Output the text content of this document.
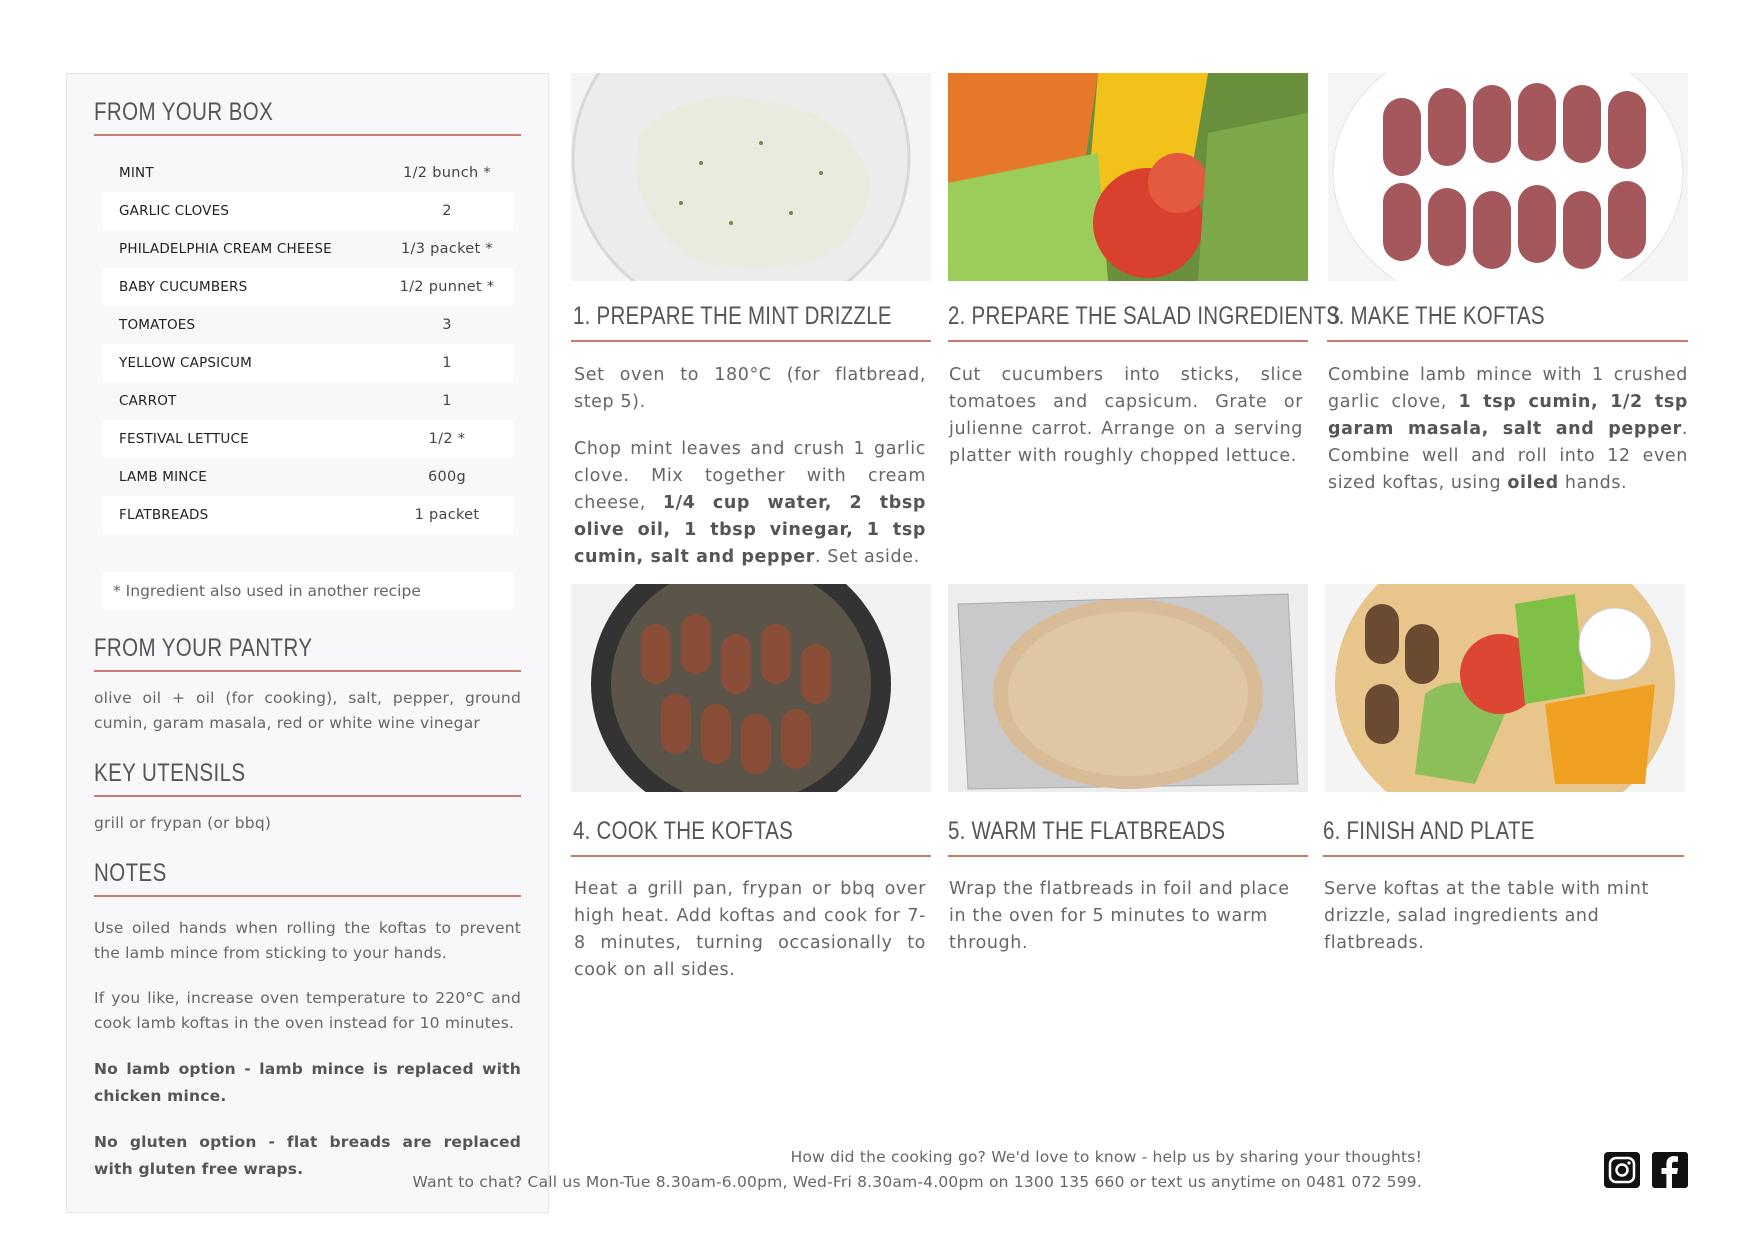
FROM YOUR BOX
MINT	1/2 bunch *
GARLIC CLOVES	2
PHILADELPHIA CREAM CHEESE	1/3 packet *
BABY CUCUMBERS	1/2 punnet *
TOMATOES	3
YELLOW CAPSICUM	1
CARROT	1
FESTIVAL LETTUCE	1/2 *
LAMB MINCE	600g
FLATBREADS	1 packet
* Ingredient also used in another recipe
FROM YOUR PANTRY
olive oil + oil (for cooking), salt, pepper, ground cumin, garam masala, red or white wine vinegar
KEY UTENSILS
grill or frypan (or bbq)
NOTES
Use oiled hands when rolling the koftas to prevent the lamb mince from sticking to your hands.
If you like, increase oven temperature to 220°C and cook lamb koftas in the oven instead for 10 minutes.
No lamb option - lamb mince is replaced with chicken mince.
No gluten option - flat breads are replaced with gluten free wraps.
1. PREPARE THE MINT DRIZZLE 2. PREPARE THE SALAD INGREDIENTS
3. MAKE THE KOFTAS
4. COOK THE KOFTAS	5. WARM THE FLATBREADS	6. FINISH AND PLATE

Set oven to 180°C (for flatbread, step 5).

Chop mint leaves and crush 1 garlic clove. Mix together with cream cheese, 1/4 cup water, 2 tbsp olive oil, 1 tbsp vinegar, 1 tsp cumin, salt and pepper. Set aside.

Cut cucumbers into sticks, slice tomatoes and capsicum. Grate or julienne carrot. Arrange on a serving platter with roughly chopped lettuce.

Combine lamb mince with 1 crushed garlic clove, 1 tsp cumin, 1/2 tsp garam masala, salt and pepper. Combine well and roll into 12 even sized koftas, using oiled hands.

Heat a grill pan, frypan or bbq over high heat. Add koftas and cook for 7-8 minutes, turning occasionally to cook on all sides.

Wrap the flatbreads in foil and place in the oven for 5 minutes to warm through.

Serve koftas at the table with mint drizzle, salad ingredients and flatbreads.

How did the cooking go? We'd love to know - help us by sharing your thoughts!
Want to chat? Call us Mon-Tue 8.30am-6.00pm, Wed-Fri 8.30am-4.00pm on 1300 135 660 or text us anytime on 0481 072 599.
